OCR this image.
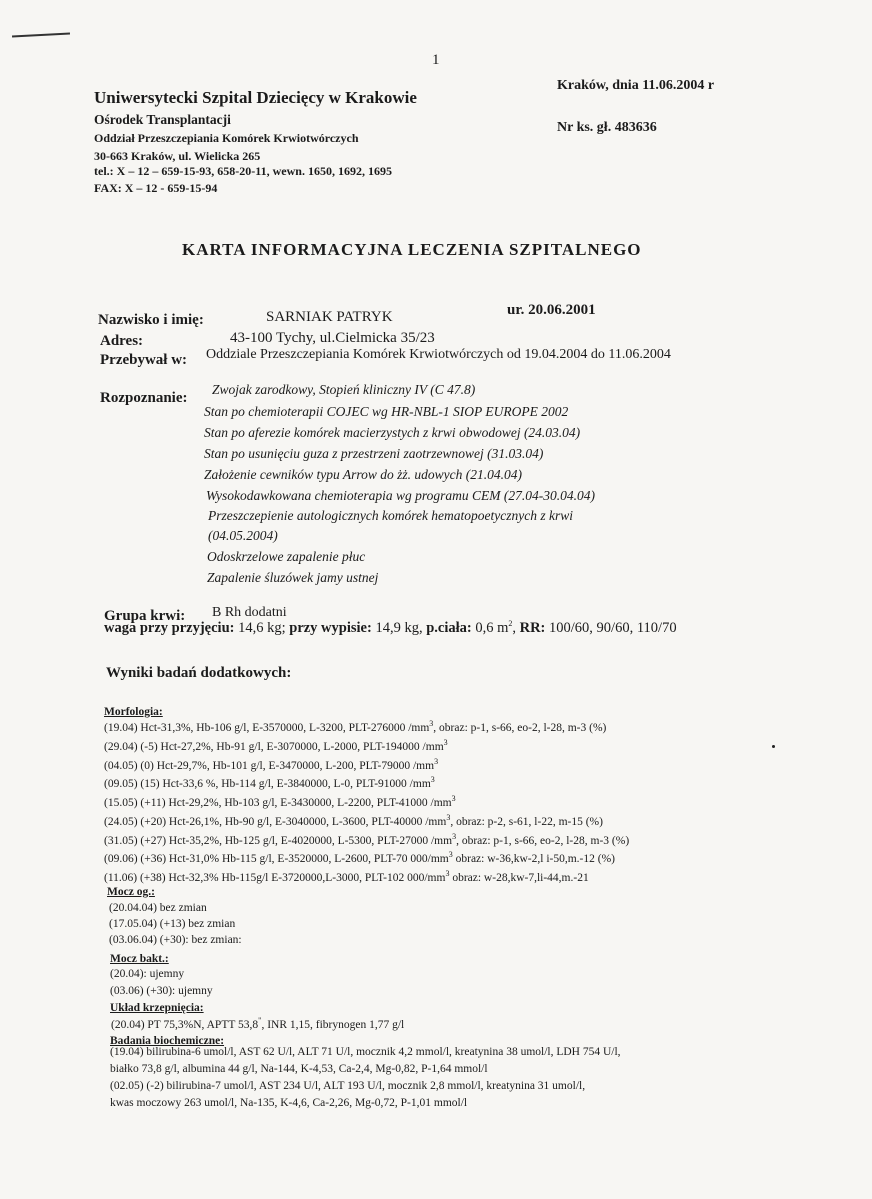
1
Uniwersytecki Szpital Dziecięcy w Krakowie
Ośrodek Transplantacji
Oddział Przeszczepiania Komórek Krwiotwórczych
30-663 Kraków, ul. Wielicka 265
tel.: X – 12 – 659-15-93, 658-20-11, wewn. 1650, 1692, 1695
FAX: X – 12 - 659-15-94
Kraków, dnia 11.06.2004 r
Nr ks. gł. 483636
KARTA INFORMACYJNA LECZENIA SZPITALNEGO
Nazwisko i imię:	SARNIAK PATRYK	ur. 20.06.2001
Adres:	43-100 Tychy, ul.Cielmicka 35/23
Przebywał w: Oddziale Przeszczepiania Komórek Krwiotwórczych od 19.04.2004 do 11.06.2004
Rozpoznanie:
Zwojak zarodkowy, Stopień kliniczny IV (C 47.8)
Stan po chemioterapii COJEC wg HR-NBL-1 SIOP EUROPE 2002
Stan po aferezie komórek macierzystych z krwi obwodowej (24.03.04)
Stan po usunięciu guza z przestrzeni zaotrzewnowej (31.03.04)
Założenie cewników typu Arrow do żż. udowych (21.04.04)
Wysokodawkowana chemioterapia wg programu CEM (27.04-30.04.04)
Przeszczepienie autologicznych komórek hematopoetycznych z krwi
(04.05.2004)
Odoskrzelowe zapalenie płuc
Zapalenie śluzówek jamy ustnej
Grupa krwi: B Rh dodatni
waga przy przyjęciu: 14,6 kg; przy wypisie: 14,9 kg, p.ciała: 0,6 $m^2$, RR: 100/60, 90/60, 110/70
Wyniki badań dodatkowych:
Morfologia:
(19.04) Hct-31,3%, Hb-106 g/l, E-3570000, L-3200, PLT-276000 $/mm^3$, obraz: p-1, s-66, eo-2, l-28, m-3 (%)
(29.04) (-5) Hct-27,2%, Hb-91 g/l, E-3070000, L-2000, PLT-194000 $/mm^3$
(04.05) (0) Hct-29,7%, Hb-101 g/l, E-3470000, L-200, PLT-79000 $/mm^3$
(09.05) (15) Hct-33,6 %, Hb-114 g/l, E-3840000, L-0, PLT-91000 $/mm^3$
(15.05) (+11) Hct-29,2%, Hb-103 g/l, E-3430000, L-2200, PLT-41000 $/mm^3$
(24.05) (+20) Hct-26,1%, Hb-90 g/l, E-3040000, L-3600, PLT-40000 $/mm^3$, obraz: p-2, s-61, l-22, m-15 (%)
(31.05) (+27) Hct-35,2%, Hb-125 g/l, E-4020000, L-5300, PLT-27000 $/mm^3$, obraz: p-1, s-66, eo-2, l-28, m-3 (%)
(09.06) (+36) Hct-31,0% Hb-115 g/l, E-3520000, L-2600, PLT-70 $000/mm^3$ obraz: w-36,kw-2,l i-50,m.-12 (%)
(11.06) (+38) Hct-32,3% Hb-115g/l E-3720000,L-3000, PLT-102 $000/mm^3$ obraz: w-28,kw-7,li-44,m.-21
Mocz og.:
(20.04.04) bez zmian
(17.05.04) (+13) bez zmian
(03.06.04) (+30): bez zmian:
Mocz bakt.:
(20.04): ujemny
(03.06) (+30): ujemny
Układ krzepnięcia:
(20.04) PT 75,3%N, APTT 53,8", INR 1,15, fibrynogen 1,77 g/l
Badania biochemiczne:
(19.04) bilirubina-6 umol/l, AST 62 U/l, ALT 71 U/l, mocznik 4,2 mmol/l, kreatynina 38 umol/l, LDH 754 U/l,
białko 73,8 g/l, albumina 44 g/l, Na-144, K-4,53, Ca-2,4, Mg-0,82, P-1,64 mmol/l
(02.05) (-2) bilirubina-7 umol/l, AST 234 U/l, ALT 193 U/l, mocznik 2,8 mmol/l, kreatynina 31 umol/l,
kwas moczowy 263 umol/l, Na-135, K-4,6, Ca-2,26, Mg-0,72, P-1,01 mmol/l
